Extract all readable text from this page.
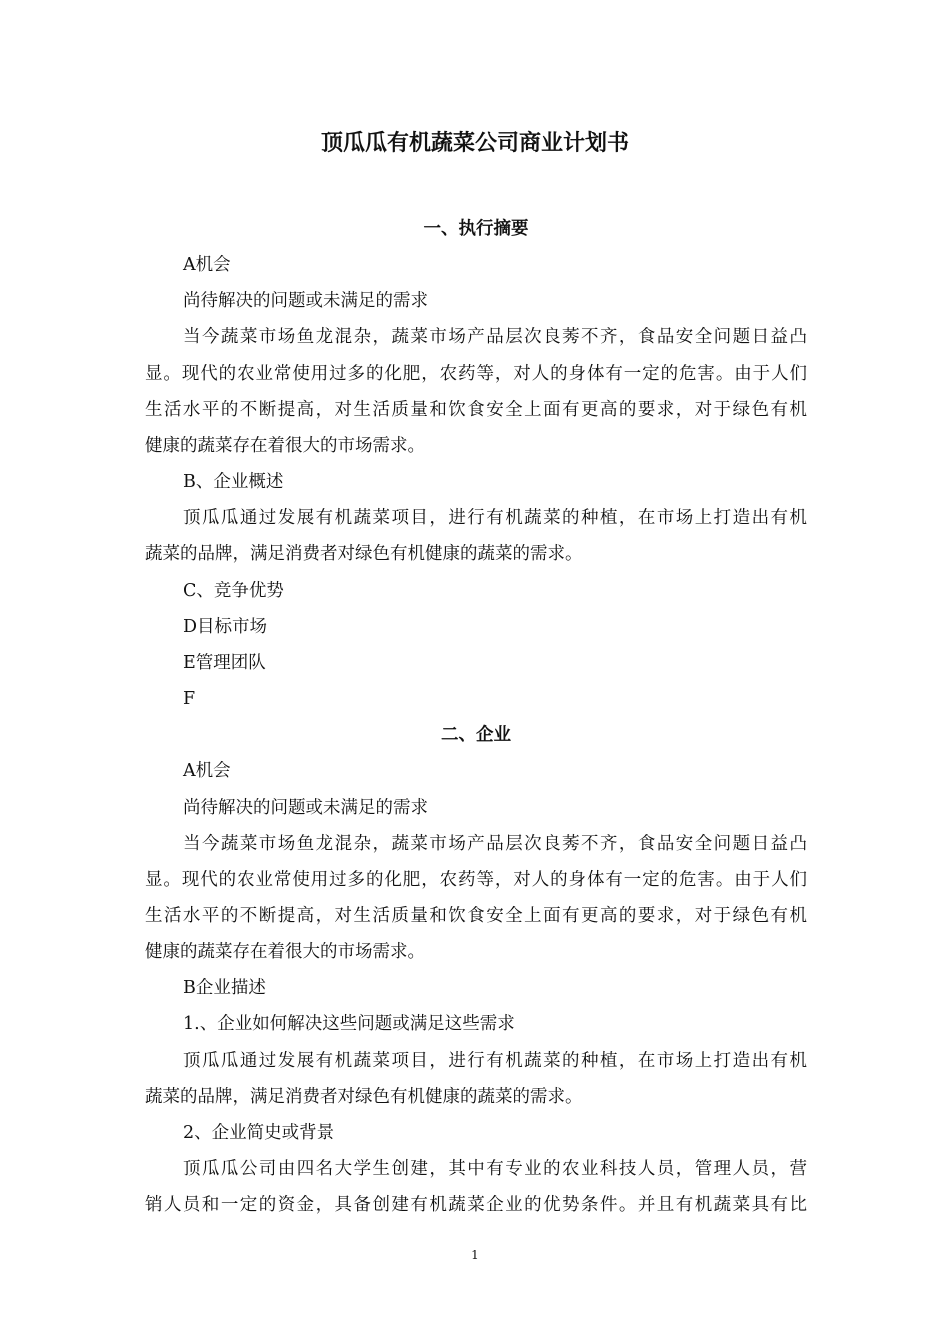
顶瓜瓜有机蔬菜公司商业计划书
一、执行摘要
A机会
尚待解决的问题或未满足的需求
当今蔬菜市场鱼龙混杂，蔬菜市场产品层次良莠不齐，食品安全问题日益凸
显。现代的农业常使用过多的化肥，农药等，对人的身体有一定的危害。由于人们
生活水平的不断提高，对生活质量和饮食安全上面有更高的要求，对于绿色有机
健康的蔬菜存在着很大的市场需求。
B、企业概述
顶瓜瓜通过发展有机蔬菜项目，进行有机蔬菜的种植，在市场上打造出有机
蔬菜的品牌，满足消费者对绿色有机健康的蔬菜的需求。
C、竞争优势
D目标市场
E管理团队
F
二、企业
A机会
尚待解决的问题或未满足的需求
当今蔬菜市场鱼龙混杂，蔬菜市场产品层次良莠不齐，食品安全问题日益凸
显。现代的农业常使用过多的化肥，农药等，对人的身体有一定的危害。由于人们
生活水平的不断提高，对生活质量和饮食安全上面有更高的要求，对于绿色有机
健康的蔬菜存在着很大的市场需求。
B企业描述
1.、企业如何解决这些问题或满足这些需求
顶瓜瓜通过发展有机蔬菜项目，进行有机蔬菜的种植，在市场上打造出有机
蔬菜的品牌，满足消费者对绿色有机健康的蔬菜的需求。
2、企业简史或背景
顶瓜瓜公司由四名大学生创建，其中有专业的农业科技人员，管理人员，营
销人员和一定的资金，具备创建有机蔬菜企业的优势条件。并且有机蔬菜具有比
1
